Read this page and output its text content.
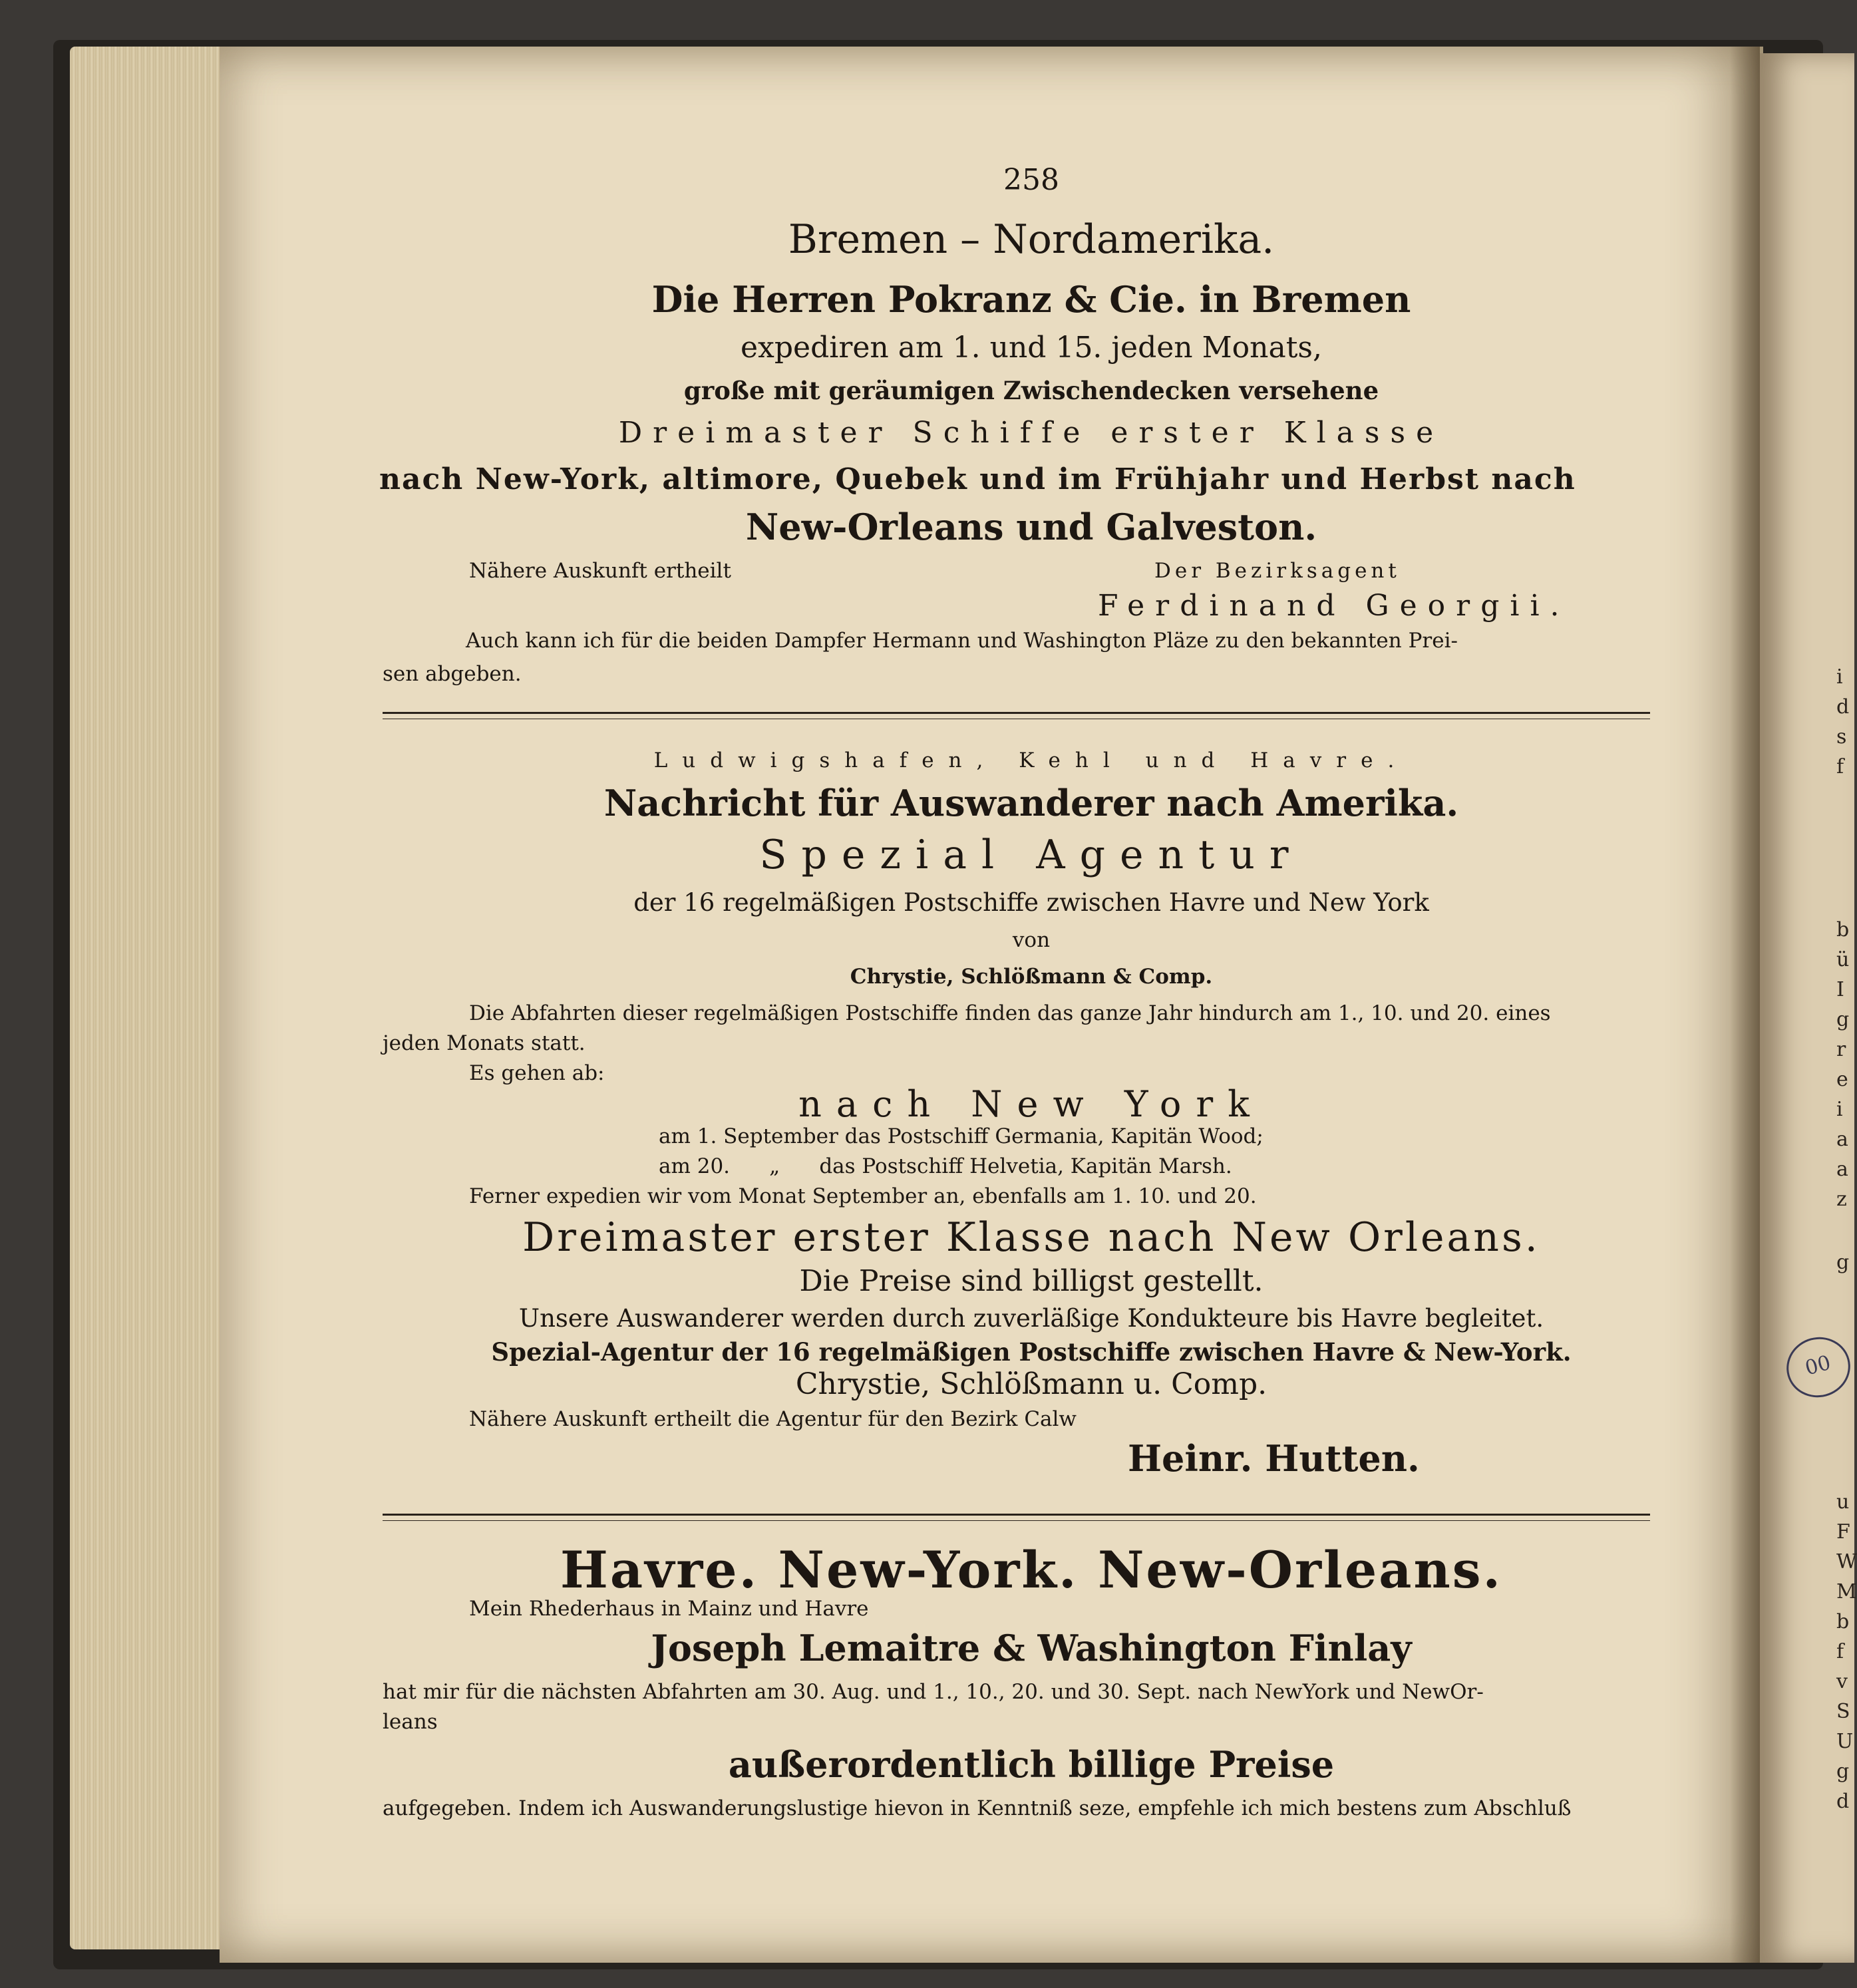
258
Bremen – Nordamerika.
Die Herren Pokranz & Cie. in Bremen
expediren am 1. und 15. jeden Monats,
große mit geräumigen Zwischendecken versehene
Dreimaster Schiffe erster Klasse
nach New-York, altimore, Quebek und im Frühjahr und Herbst nach
New-Orleans und Galveston.
Nähere Auskunft ertheilt	Der Bezirksagent
Ferdinand Georgii.
Auch kann ich für die beiden Dampfer Hermann und Washington Pläze zu den bekannten Prei-
sen abgeben.
Ludwigshafen, Kehl und Havre.
Nachricht für Auswanderer nach Amerika.
Spezial Agentur
der 16 regelmäßigen Postschiffe zwischen Havre und New York
von
Chrystie, Schlößmann & Comp.
Die Abfahrten dieser regelmäßigen Postschiffe finden das ganze Jahr hindurch am 1., 10. und 20. eines
jeden Monats statt.
Es gehen ab:
nach New York
am 1. September das Postschiff Germania, Kapitän Wood;
am 20.      „      das Postschiff Helvetia, Kapitän Marsh.
Ferner expedien wir vom Monat September an, ebenfalls am 1. 10. und 20.
Dreimaster erster Klasse nach New Orleans.
Die Preise sind billigst gestellt.
Unsere Auswanderer werden durch zuverläßige Kondukteure bis Havre begleitet.
Spezial-Agentur der 16 regelmäßigen Postschiffe zwischen Havre & New-York.
Chrystie, Schlößmann u. Comp.
Nähere Auskunft ertheilt die Agentur für den Bezirk Calw
Heinr. Hutten.
Havre. New-York. New-Orleans.
Mein Rhederhaus in Mainz und Havre
Joseph Lemaitre & Washington Finlay
hat mir für die nächsten Abfahrten am 30. Aug. und 1., 10., 20. und 30. Sept. nach NewYork und NewOr-
leans
außerordentlich billige Preise
aufgegeben. Indem ich Auswanderungslustige hievon in Kenntniß seze, empfehle ich mich bestens zum Abschluß
00
i
d
s
f
b
ü
I
g
r
e
i
a
a
z
g
u
F
W
M
b
f
v
S
U
g
d
